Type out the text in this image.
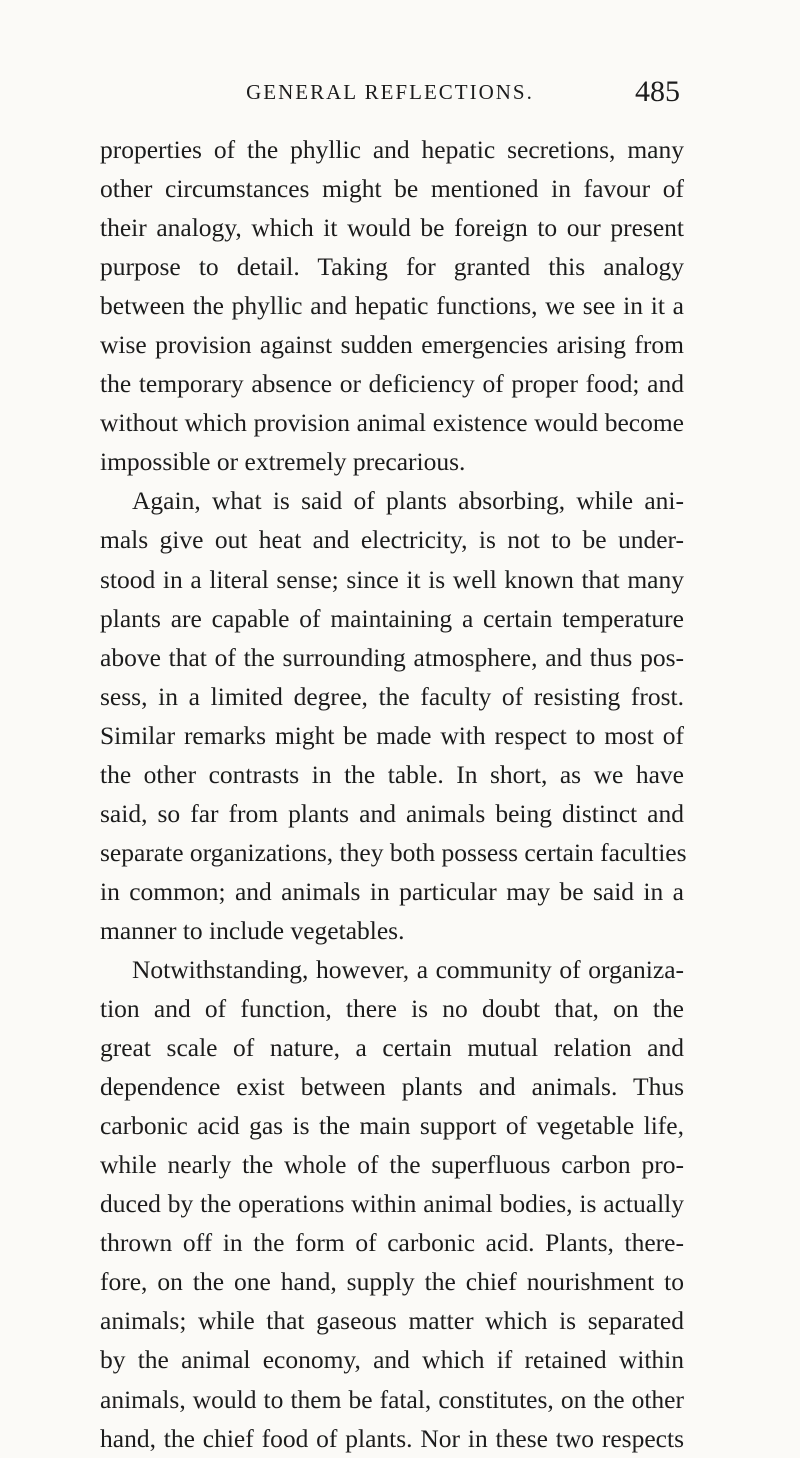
GENERAL REFLECTIONS.	485
properties of the phyllic and hepatic secretions, many
other circumstances might be mentioned in favour of
their analogy, which it would be foreign to our present
purpose to detail. Taking for granted this analogy
between the phyllic and hepatic functions, we see in it a
wise provision against sudden emergencies arising from
the temporary absence or deficiency of proper food; and
without which provision animal existence would become
impossible or extremely precarious.
Again, what is said of plants absorbing, while ani-
mals give out heat and electricity, is not to be under-
stood in a literal sense; since it is well known that many
plants are capable of maintaining a certain temperature
above that of the surrounding atmosphere, and thus pos-
sess, in a limited degree, the faculty of resisting frost.
Similar remarks might be made with respect to most of
the other contrasts in the table. In short, as we have
said, so far from plants and animals being distinct and
separate organizations, they both possess certain faculties
in common; and animals in particular may be said in a
manner to include vegetables.
Notwithstanding, however, a community of organiza-
tion and of function, there is no doubt that, on the
great scale of nature, a certain mutual relation and
dependence exist between plants and animals. Thus
carbonic acid gas is the main support of vegetable life,
while nearly the whole of the superfluous carbon pro-
duced by the operations within animal bodies, is actually
thrown off in the form of carbonic acid. Plants, there-
fore, on the one hand, supply the chief nourishment to
animals; while that gaseous matter which is separated
by the animal economy, and which if retained within
animals, would to them be fatal, constitutes, on the other
hand, the chief food of plants. Nor in these two respects
